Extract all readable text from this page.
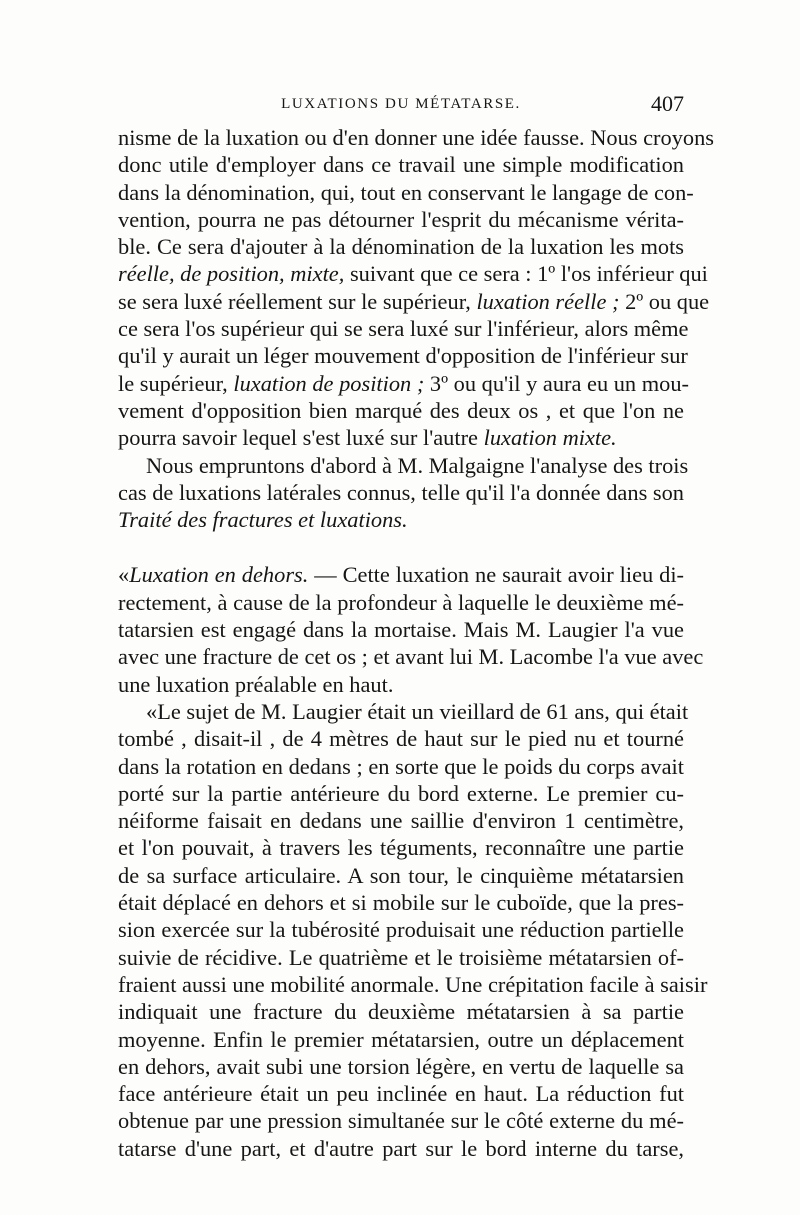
LUXATIONS DU MÉTATARSE.	407
nisme de la luxation ou d'en donner une idée fausse. Nous croyons
donc utile d'employer dans ce travail une simple modification
dans la dénomination, qui, tout en conservant le langage de con-
vention, pourra ne pas détourner l'esprit du mécanisme vérita-
ble. Ce sera d'ajouter à la dénomination de la luxation les mots
réelle, de position, mixte, suivant que ce sera : 1º l'os inférieur qui
se sera luxé réellement sur le supérieur, luxation réelle ; 2º ou que
ce sera l'os supérieur qui se sera luxé sur l'inférieur, alors même
qu'il y aurait un léger mouvement d'opposition de l'inférieur sur
le supérieur, luxation de position ; 3º ou qu'il y aura eu un mou-
vement d'opposition bien marqué des deux os , et que l'on ne
pourra savoir lequel s'est luxé sur l'autre luxation mixte.
Nous empruntons d'abord à M. Malgaigne l'analyse des trois
cas de luxations latérales connus, telle qu'il l'a donnée dans son
Traité des fractures et luxations.
«Luxation en dehors. — Cette luxation ne saurait avoir lieu di-
rectement, à cause de la profondeur à laquelle le deuxième mé-
tatarsien est engagé dans la mortaise. Mais M. Laugier l'a vue
avec une fracture de cet os ; et avant lui M. Lacombe l'a vue avec
une luxation préalable en haut.
«Le sujet de M. Laugier était un vieillard de 61 ans, qui était
tombé , disait-il , de 4 mètres de haut sur le pied nu et tourné
dans la rotation en dedans ; en sorte que le poids du corps avait
porté sur la partie antérieure du bord externe. Le premier cu-
néiforme faisait en dedans une saillie d'environ 1 centimètre,
et l'on pouvait, à travers les téguments, reconnaître une partie
de sa surface articulaire. A son tour, le cinquième métatarsien
était déplacé en dehors et si mobile sur le cuboïde, que la pres-
sion exercée sur la tubérosité produisait une réduction partielle
suivie de récidive. Le quatrième et le troisième métatarsien of-
fraient aussi une mobilité anormale. Une crépitation facile à saisir
indiquait une fracture du deuxième métatarsien à sa partie
moyenne. Enfin le premier métatarsien, outre un déplacement
en dehors, avait subi une torsion légère, en vertu de laquelle sa
face antérieure était un peu inclinée en haut. La réduction fut
obtenue par une pression simultanée sur le côté externe du mé-
tatarse d'une part, et d'autre part sur le bord interne du tarse,
